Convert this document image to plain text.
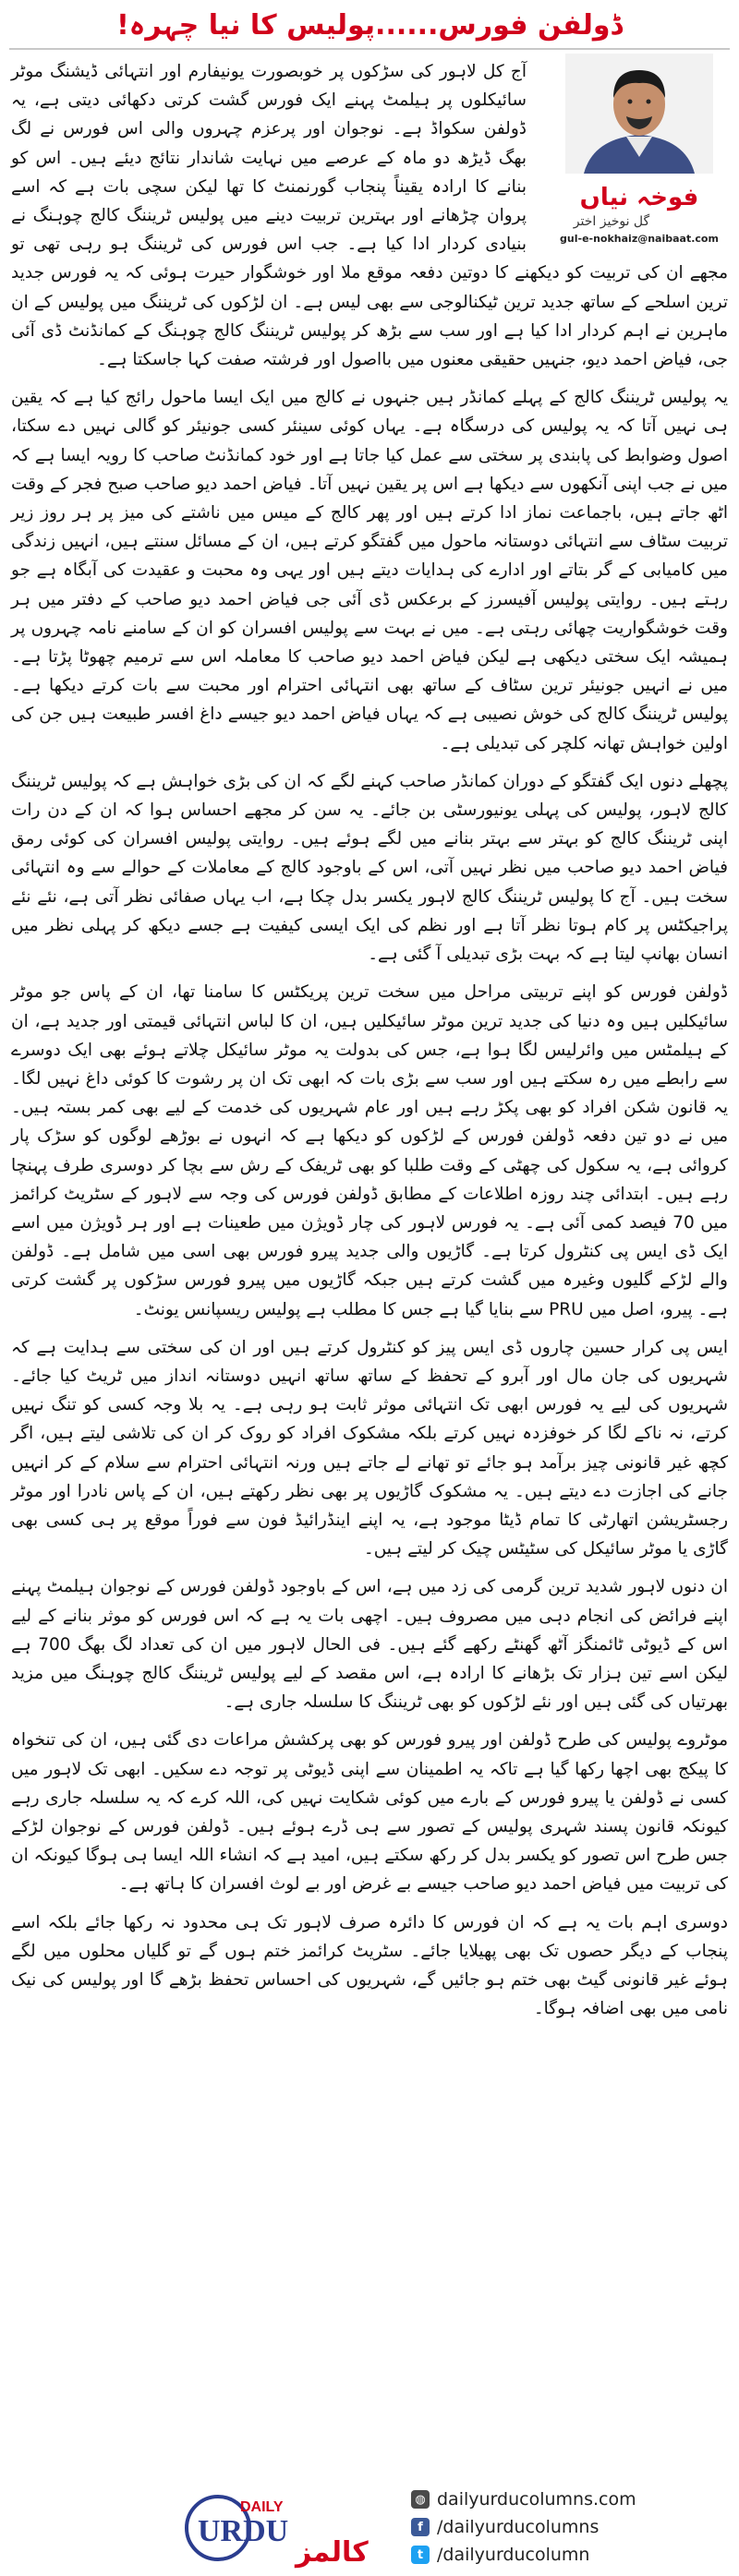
ڈولفن فورس......پولیس کا نیا چہرہ!
فوخہ نیاں
گل نوخیز اختر
gul-e-nokhaiz@naibaat.com

آج کل لاہور کی سڑکوں پر خوبصورت یونیفارم اور انتہائی ڈیشنگ موٹر سائیکلوں پر ہیلمٹ پہنے ایک فورس گشت کرتی دکھائی دیتی ہے، یہ ڈولفن سکواڈ ہے۔ نوجوان اور پرعزم چہروں والی اس فورس نے لگ بھگ ڈیڑھ دو ماہ کے عرصے میں نہایت شاندار نتائج دیئے ہیں۔ اس کو بنانے کا ارادہ یقیناً پنجاب گورنمنٹ کا تھا لیکن سچی بات ہے کہ اسے پروان چڑھانے اور بہترین تربیت دینے میں پولیس ٹریننگ کالج چوہنگ نے بنیادی کردار ادا کیا ہے۔ جب اس فورس کی ٹریننگ ہو رہی تھی تو مجھے ان کی تربیت کو دیکھنے کا دوتین دفعہ موقع ملا اور خوشگوار حیرت ہوئی کہ یہ فورس جدید ترین اسلحے کے ساتھ جدید ترین ٹیکنالوجی سے بھی لیس ہے۔ ان لڑکوں کی ٹریننگ میں پولیس کے ان ماہرین نے اہم کردار ادا کیا ہے اور سب سے بڑھ کر پولیس ٹریننگ کالج چوہنگ کے کمانڈنٹ ڈی آئی جی، فیاض احمد دیو، جنہیں حقیقی معنوں میں بااصول اور فرشتہ صفت کہا جاسکتا ہے۔

یہ پولیس ٹریننگ کالج کے پہلے کمانڈر ہیں جنہوں نے کالج میں ایک ایسا ماحول رائج کیا ہے کہ یقین ہی نہیں آتا کہ یہ پولیس کی درسگاہ ہے۔ یہاں کوئی سینئر کسی جونیئر کو گالی نہیں دے سکتا، اصول وضوابط کی پابندی پر سختی سے عمل کیا جاتا ہے اور خود کمانڈنٹ صاحب کا رویہ ایسا ہے کہ میں نے جب اپنی آنکھوں سے دیکھا ہے اس پر یقین نہیں آتا۔ فیاض احمد دیو صاحب صبح فجر کے وقت اٹھ جاتے ہیں، باجماعت نماز ادا کرتے ہیں اور پھر کالج کے میس میں ناشتے کی میز پر ہر روز زیر تربیت سٹاف سے انتہائی دوستانہ ماحول میں گفتگو کرتے ہیں، ان کے مسائل سنتے ہیں، انہیں زندگی میں کامیابی کے گر بتاتے اور ادارے کی ہدایات دیتے ہیں اور یہی وہ محبت و عقیدت کی آبگاہ ہے جو رہتے ہیں۔ روایتی پولیس آفیسرز کے برعکس ڈی آئی جی فیاض احمد دیو صاحب کے دفتر میں ہر وقت خوشگواریت چھائی رہتی ہے۔ میں نے بہت سے پولیس افسران کو ان کے سامنے نامہ چہروں پر ہمیشہ ایک سختی دیکھی ہے لیکن فیاض احمد دیو صاحب کا معاملہ اس سے ترمیم چھوٹا پڑتا ہے۔ میں نے انہیں جونیئر ترین سٹاف کے ساتھ بھی انتہائی احترام اور محبت سے بات کرتے دیکھا ہے۔ پولیس ٹریننگ کالج کی خوش نصیبی ہے کہ یہاں فیاض احمد دیو جیسے داغ افسر طبیعت ہیں جن کی اولین خواہش تھانہ کلچر کی تبدیلی ہے۔

پچھلے دنوں ایک گفتگو کے دوران کمانڈر صاحب کہنے لگے کہ ان کی بڑی خواہش ہے کہ پولیس ٹریننگ کالج لاہور، پولیس کی پہلی یونیورسٹی بن جائے۔ یہ سن کر مجھے احساس ہوا کہ ان کے دن رات اپنی ٹریننگ کالج کو بہتر سے بہتر بنانے میں لگے ہوئے ہیں۔ روایتی پولیس افسران کی کوئی رمق فیاض احمد دیو صاحب میں نظر نہیں آتی، اس کے باوجود کالج کے معاملات کے حوالے سے وہ انتہائی سخت ہیں۔ آج کا پولیس ٹریننگ کالج لاہور یکسر بدل چکا ہے، اب یہاں صفائی نظر آتی ہے، نئے نئے پراجیکٹس پر کام ہوتا نظر آتا ہے اور نظم کی ایک ایسی کیفیت ہے جسے دیکھ کر پہلی نظر میں انسان بھانپ لیتا ہے کہ بہت بڑی تبدیلی آ گئی ہے۔

ڈولفن فورس کو اپنے تربیتی مراحل میں سخت ترین پریکٹس کا سامنا تھا، ان کے پاس جو موٹر سائیکلیں ہیں وہ دنیا کی جدید ترین موٹر سائیکلیں ہیں، ان کا لباس انتہائی قیمتی اور جدید ہے، ان کے ہیلمٹس میں وائرلیس لگا ہوا ہے، جس کی بدولت یہ موٹر سائیکل چلاتے ہوئے بھی ایک دوسرے سے رابطے میں رہ سکتے ہیں اور سب سے بڑی بات کہ ابھی تک ان پر رشوت کا کوئی داغ نہیں لگا۔ یہ قانون شکن افراد کو بھی پکڑ رہے ہیں اور عام شہریوں کی خدمت کے لیے بھی کمر بستہ ہیں۔ میں نے دو تین دفعہ ڈولفن فورس کے لڑکوں کو دیکھا ہے کہ انہوں نے بوڑھے لوگوں کو سڑک پار کروائی ہے، یہ سکول کی چھٹی کے وقت طلبا کو بھی ٹریفک کے رش سے بچا کر دوسری طرف پہنچا رہے ہیں۔ ابتدائی چند روزہ اطلاعات کے مطابق ڈولفن فورس کی وجہ سے لاہور کے سٹریٹ کرائمز میں 70 فیصد کمی آئی ہے۔ یہ فورس لاہور کی چار ڈویژن میں طعینات ہے اور ہر ڈویژن میں اسے ایک ڈی ایس پی کنٹرول کرتا ہے۔ گاڑیوں والی جدید پیرو فورس بھی اسی میں شامل ہے۔ ڈولفن والے لڑکے گلیوں وغیرہ میں گشت کرتے ہیں جبکہ گاڑیوں میں پیرو فورس سڑکوں پر گشت کرتی ہے۔ پیرو، اصل میں PRU سے بنایا گیا ہے جس کا مطلب ہے پولیس ریسپانس یونٹ۔

ایس پی کرار حسین چاروں ڈی ایس پیز کو کنٹرول کرتے ہیں اور ان کی سختی سے ہدایت ہے کہ شہریوں کی جان مال اور آبرو کے تحفظ کے ساتھ ساتھ انہیں دوستانہ انداز میں ٹریٹ کیا جائے۔ شہریوں کی لیے یہ فورس ابھی تک انتہائی موثر ثابت ہو رہی ہے۔ یہ بلا وجہ کسی کو تنگ نہیں کرتے، نہ ناکے لگا کر خوفزدہ نہیں کرتے بلکہ مشکوک افراد کو روک کر ان کی تلاشی لیتے ہیں، اگر کچھ غیر قانونی چیز برآمد ہو جائے تو تھانے لے جاتے ہیں ورنہ انتہائی احترام سے سلام کے کر انہیں جانے کی اجازت دے دیتے ہیں۔ یہ مشکوک گاڑیوں پر بھی نظر رکھتے ہیں، ان کے پاس نادرا اور موٹر رجسٹریشن اتھارٹی کا تمام ڈیٹا موجود ہے، یہ اپنے اینڈرائیڈ فون سے فوراً موقع پر ہی کسی بھی گاڑی یا موٹر سائیکل کی سٹیٹس چیک کر لیتے ہیں۔

ان دنوں لاہور شدید ترین گرمی کی زد میں ہے، اس کے باوجود ڈولفن فورس کے نوجوان ہیلمٹ پہنے اپنے فرائض کی انجام دہی میں مصروف ہیں۔ اچھی بات یہ ہے کہ اس فورس کو موثر بنانے کے لیے اس کے ڈیوٹی ٹائمنگز آٹھ گھنٹے رکھے گئے ہیں۔ فی الحال لاہور میں ان کی تعداد لگ بھگ 700 ہے لیکن اسے تین ہزار تک بڑھانے کا ارادہ ہے، اس مقصد کے لیے پولیس ٹریننگ کالج چوہنگ میں مزید بھرتیاں کی گئی ہیں اور نئے لڑکوں کو بھی ٹریننگ کا سلسلہ جاری ہے۔

موٹروے پولیس کی طرح ڈولفن اور پیرو فورس کو بھی پرکشش مراعات دی گئی ہیں، ان کی تنخواہ کا پیکج بھی اچھا رکھا گیا ہے تاکہ یہ اطمینان سے اپنی ڈیوٹی پر توجہ دے سکیں۔ ابھی تک لاہور میں کسی نے ڈولفن یا پیرو فورس کے بارے میں کوئی شکایت نہیں کی، اللہ کرے کہ یہ سلسلہ جاری رہے کیونکہ قانون پسند شہری پولیس کے تصور سے ہی ڈرے ہوئے ہیں۔ ڈولفن فورس کے نوجوان لڑکے جس طرح اس تصور کو یکسر بدل کر رکھ سکتے ہیں، امید ہے کہ انشاء اللہ ایسا ہی ہوگا کیونکہ ان کی تربیت میں فیاض احمد دیو صاحب جیسے بے غرض اور بے لوث افسران کا ہاتھ ہے۔

دوسری اہم بات یہ ہے کہ ان فورس کا دائرہ صرف لاہور تک ہی محدود نہ رکھا جائے بلکہ اسے پنجاب کے دیگر حصوں تک بھی پھیلایا جائے۔ سٹریٹ کرائمز ختم ہوں گے تو گلیاں محلوں میں لگے ہوئے غیر قانونی گیٹ بھی ختم ہو جائیں گے، شہریوں کی احساس تحفظ بڑھے گا اور پولیس کی نیک نامی میں بھی اضافہ ہوگا۔

DAILY
URDU
کالمز
◍ dailyurducolumns.com
f /dailyurducolumns
t /dailyurducolumn
